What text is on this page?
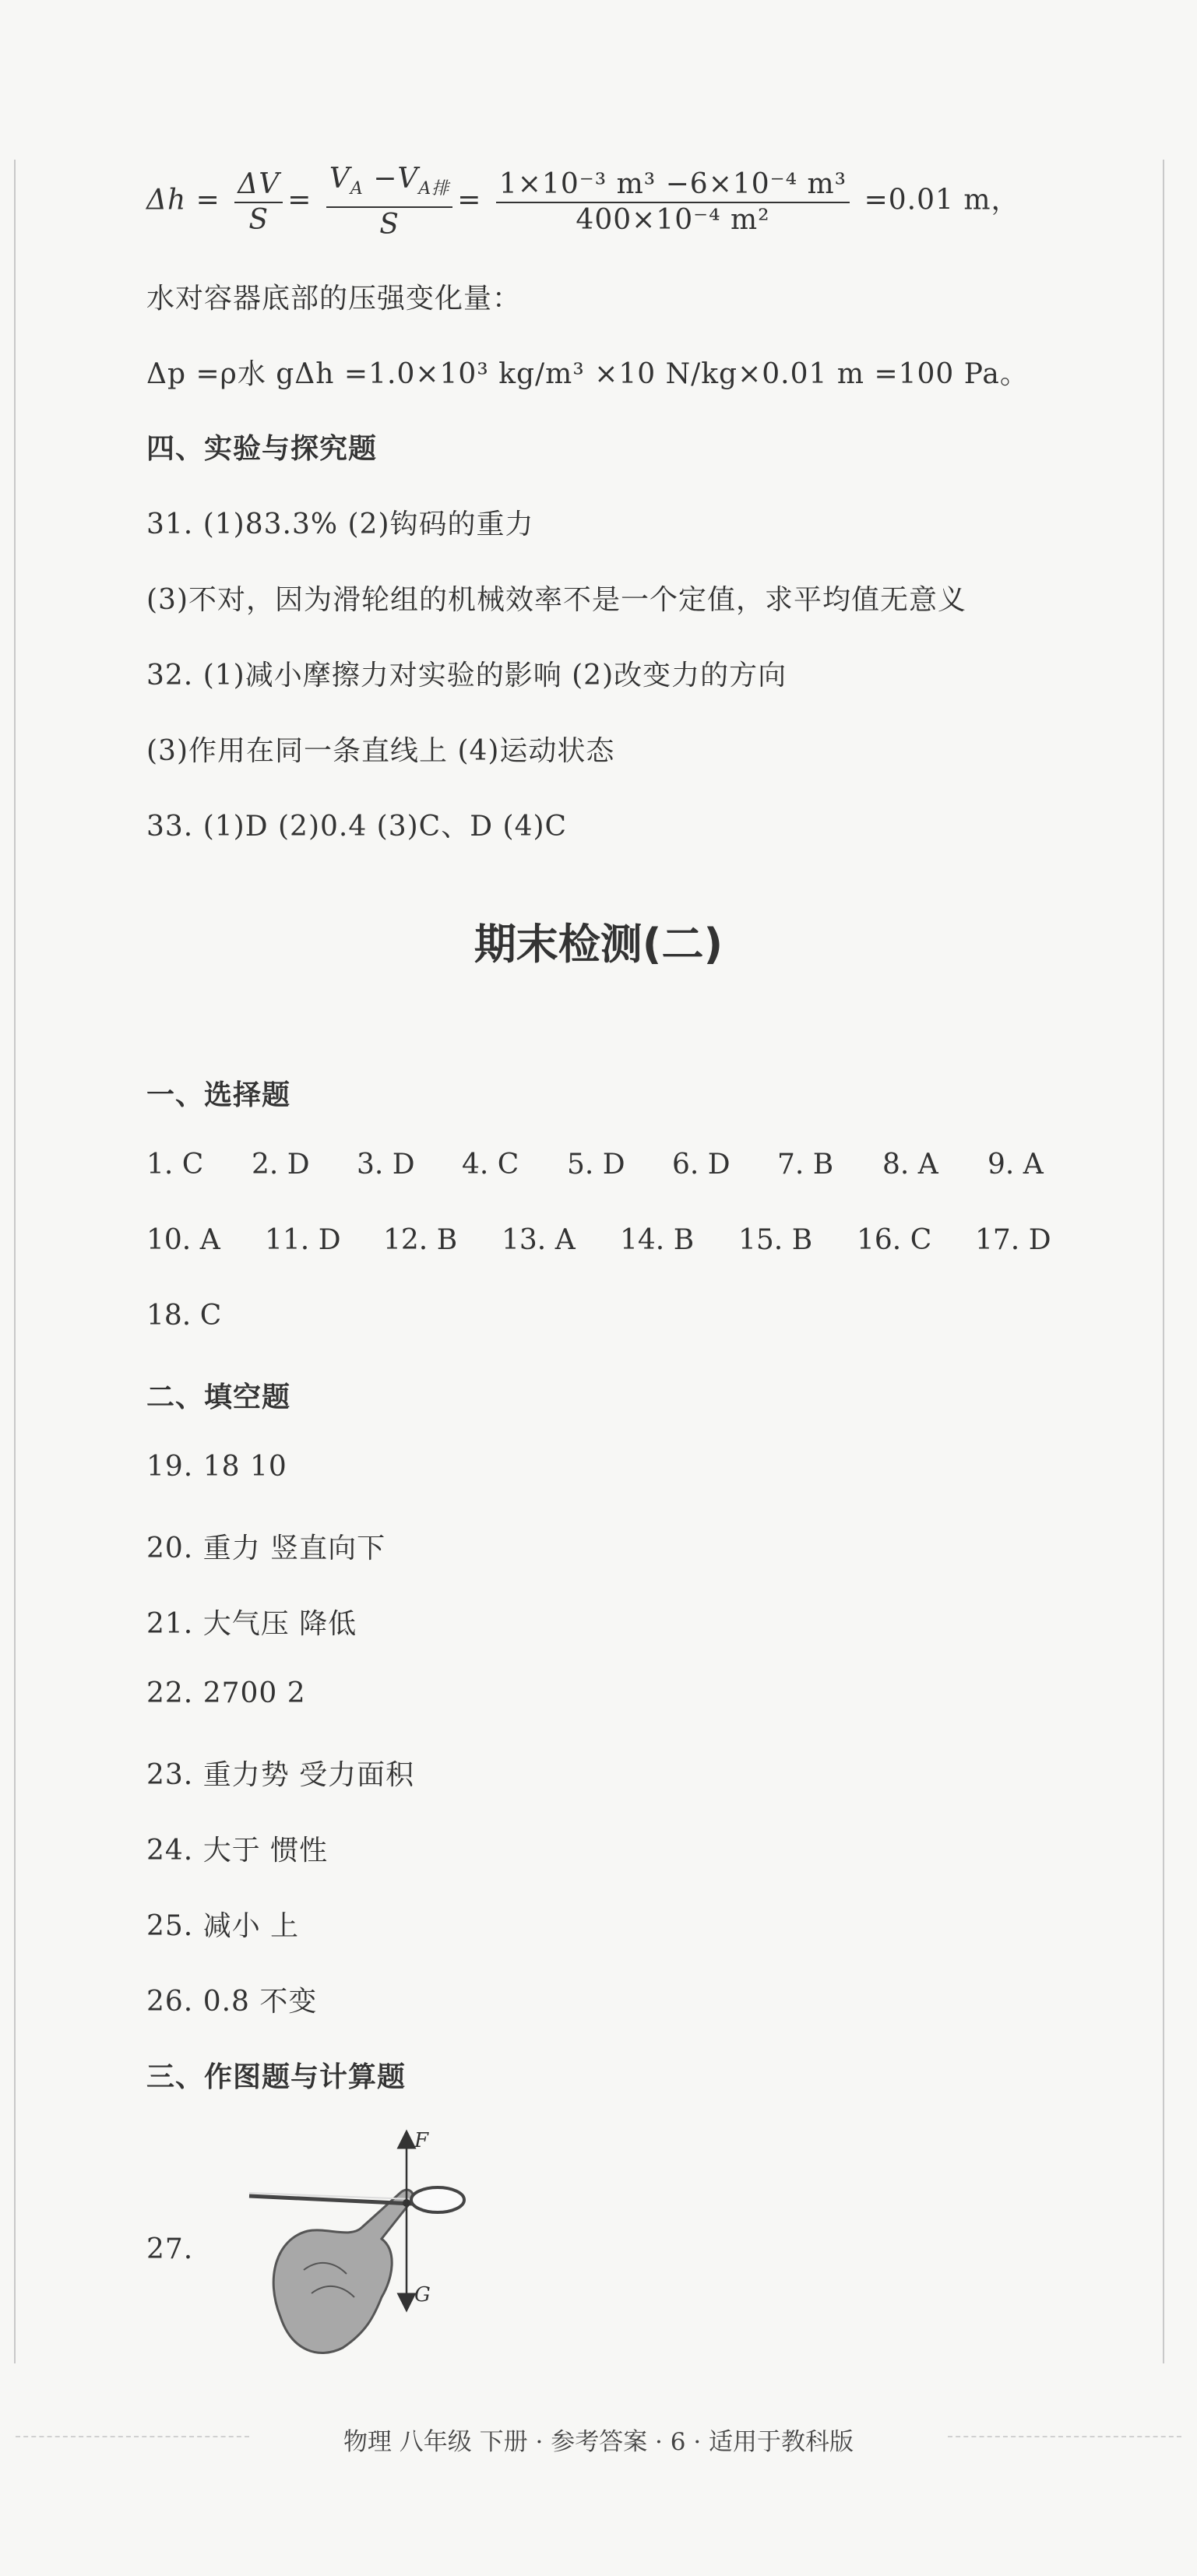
$\Delta h = \frac{\Delta V}{S} = \frac{V_A -V_{A排}}{S} = \frac{\text{1×10⁻³ m³ −6×10⁻⁴ m³}}{\text{400×10⁻⁴ m²}} =0.01$ m，
水对容器底部的压强变化量：
Δp =ρ水 gΔh =1.0×10³ kg/m³ ×10 N/kg×0.01 m =100 Pa。
四、实验与探究题
31. (1)83.3% (2)钩码的重力
(3)不对，因为滑轮组的机械效率不是一个定值，求平均值无意义
32. (1)减小摩擦力对实验的影响 (2)改变力的方向
(3)作用在同一条直线上 (4)运动状态
33. (1)D (2)0.4 (3)C、D (4)C
期末检测(二)
一、选择题
1. C	2. D	3. D	4. C	5. D	6. D	7. B	8. A	9. A
10. A	11. D	12. B	13. A	14. B	15. B	16. C	17. D
18. C
二、填空题
19. 18 10
20. 重力 竖直向下
21. 大气压 降低
22. 2700 2
23. 重力势 受力面积
24. 大于 惯性
25. 减小 上
26. 0.8 不变
三、作图题与计算题
27.
F
G
物理 八年级 下册 · 参考答案 · 6 · 适用于教科版
